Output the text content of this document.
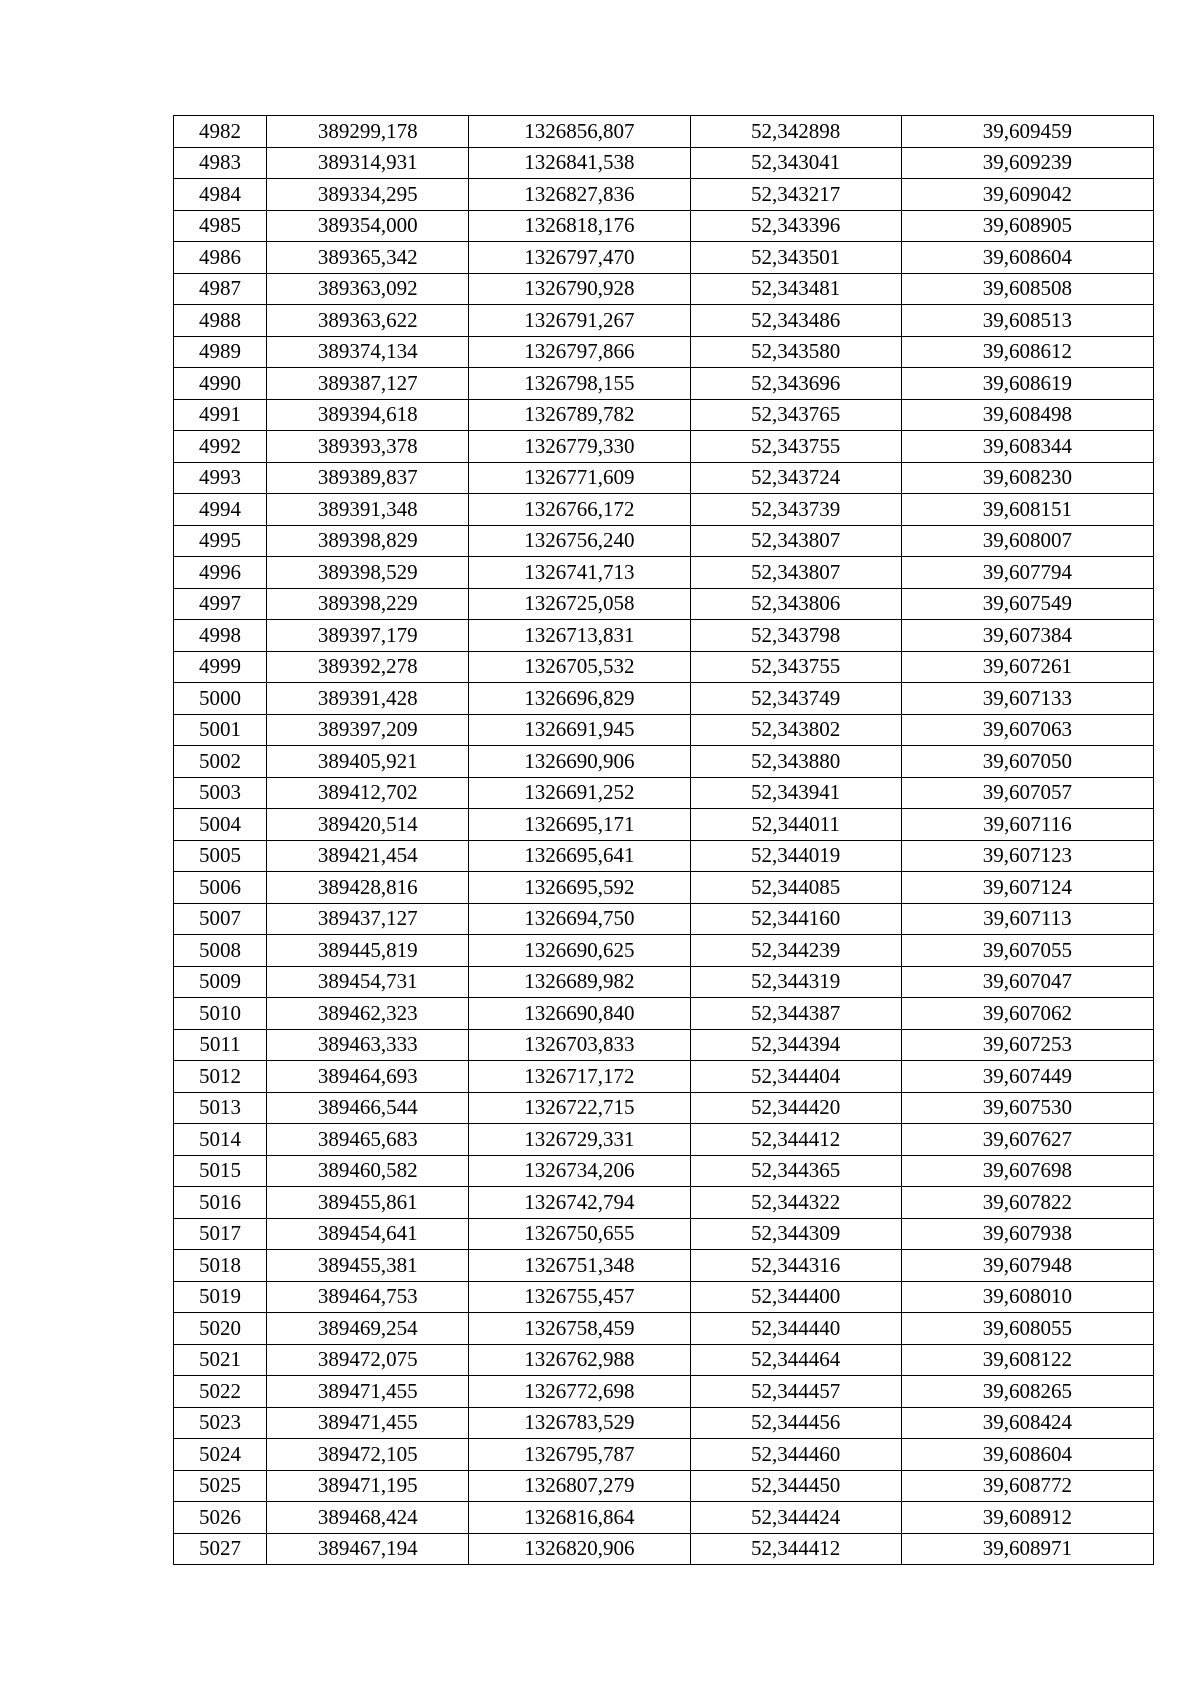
4982	389299,178	1326856,807	52,342898	39,609459
4983	389314,931	1326841,538	52,343041	39,609239
4984	389334,295	1326827,836	52,343217	39,609042
4985	389354,000	1326818,176	52,343396	39,608905
4986	389365,342	1326797,470	52,343501	39,608604
4987	389363,092	1326790,928	52,343481	39,608508
4988	389363,622	1326791,267	52,343486	39,608513
4989	389374,134	1326797,866	52,343580	39,608612
4990	389387,127	1326798,155	52,343696	39,608619
4991	389394,618	1326789,782	52,343765	39,608498
4992	389393,378	1326779,330	52,343755	39,608344
4993	389389,837	1326771,609	52,343724	39,608230
4994	389391,348	1326766,172	52,343739	39,608151
4995	389398,829	1326756,240	52,343807	39,608007
4996	389398,529	1326741,713	52,343807	39,607794
4997	389398,229	1326725,058	52,343806	39,607549
4998	389397,179	1326713,831	52,343798	39,607384
4999	389392,278	1326705,532	52,343755	39,607261
5000	389391,428	1326696,829	52,343749	39,607133
5001	389397,209	1326691,945	52,343802	39,607063
5002	389405,921	1326690,906	52,343880	39,607050
5003	389412,702	1326691,252	52,343941	39,607057
5004	389420,514	1326695,171	52,344011	39,607116
5005	389421,454	1326695,641	52,344019	39,607123
5006	389428,816	1326695,592	52,344085	39,607124
5007	389437,127	1326694,750	52,344160	39,607113
5008	389445,819	1326690,625	52,344239	39,607055
5009	389454,731	1326689,982	52,344319	39,607047
5010	389462,323	1326690,840	52,344387	39,607062
5011	389463,333	1326703,833	52,344394	39,607253
5012	389464,693	1326717,172	52,344404	39,607449
5013	389466,544	1326722,715	52,344420	39,607530
5014	389465,683	1326729,331	52,344412	39,607627
5015	389460,582	1326734,206	52,344365	39,607698
5016	389455,861	1326742,794	52,344322	39,607822
5017	389454,641	1326750,655	52,344309	39,607938
5018	389455,381	1326751,348	52,344316	39,607948
5019	389464,753	1326755,457	52,344400	39,608010
5020	389469,254	1326758,459	52,344440	39,608055
5021	389472,075	1326762,988	52,344464	39,608122
5022	389471,455	1326772,698	52,344457	39,608265
5023	389471,455	1326783,529	52,344456	39,608424
5024	389472,105	1326795,787	52,344460	39,608604
5025	389471,195	1326807,279	52,344450	39,608772
5026	389468,424	1326816,864	52,344424	39,608912
5027	389467,194	1326820,906	52,344412	39,608971
